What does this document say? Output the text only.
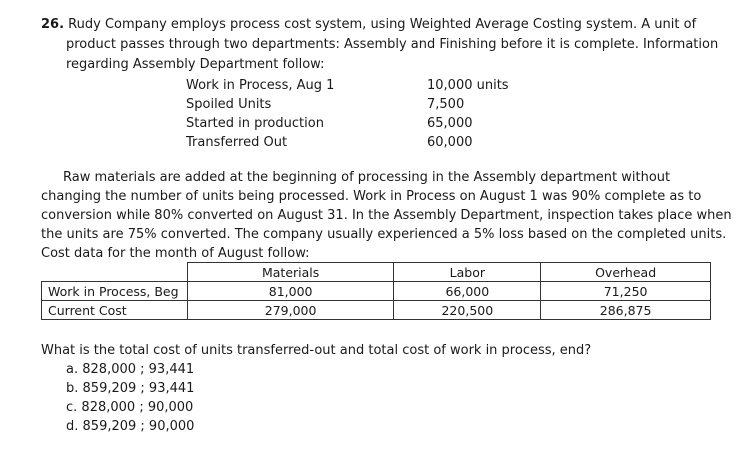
26. Rudy Company employs process cost system, using Weighted Average Costing system. A unit of
product passes through two departments: Assembly and Finishing before it is complete. Information
regarding Assembly Department follow:
Work in Process, Aug 1	10,000 units
Spoiled Units	7,500
Started in production	65,000
Transferred Out	60,000
Raw materials are added at the beginning of processing in the Assembly department without
changing the number of units being processed. Work in Process on August 1 was 90% complete as to
conversion while 80% converted on August 31. In the Assembly Department, inspection takes place when
the units are 75% converted. The company usually experienced a 5% loss based on the completed units.
Cost data for the month of August follow:
	Materials	Labor	Overhead
Work in Process, Beg	81,000	66,000	71,250
Current Cost	279,000	220,500	286,875
What is the total cost of units transferred-out and total cost of work in process, end?
a. 828,000 ; 93,441
b. 859,209 ; 93,441
c. 828,000 ; 90,000
d. 859,209 ; 90,000
